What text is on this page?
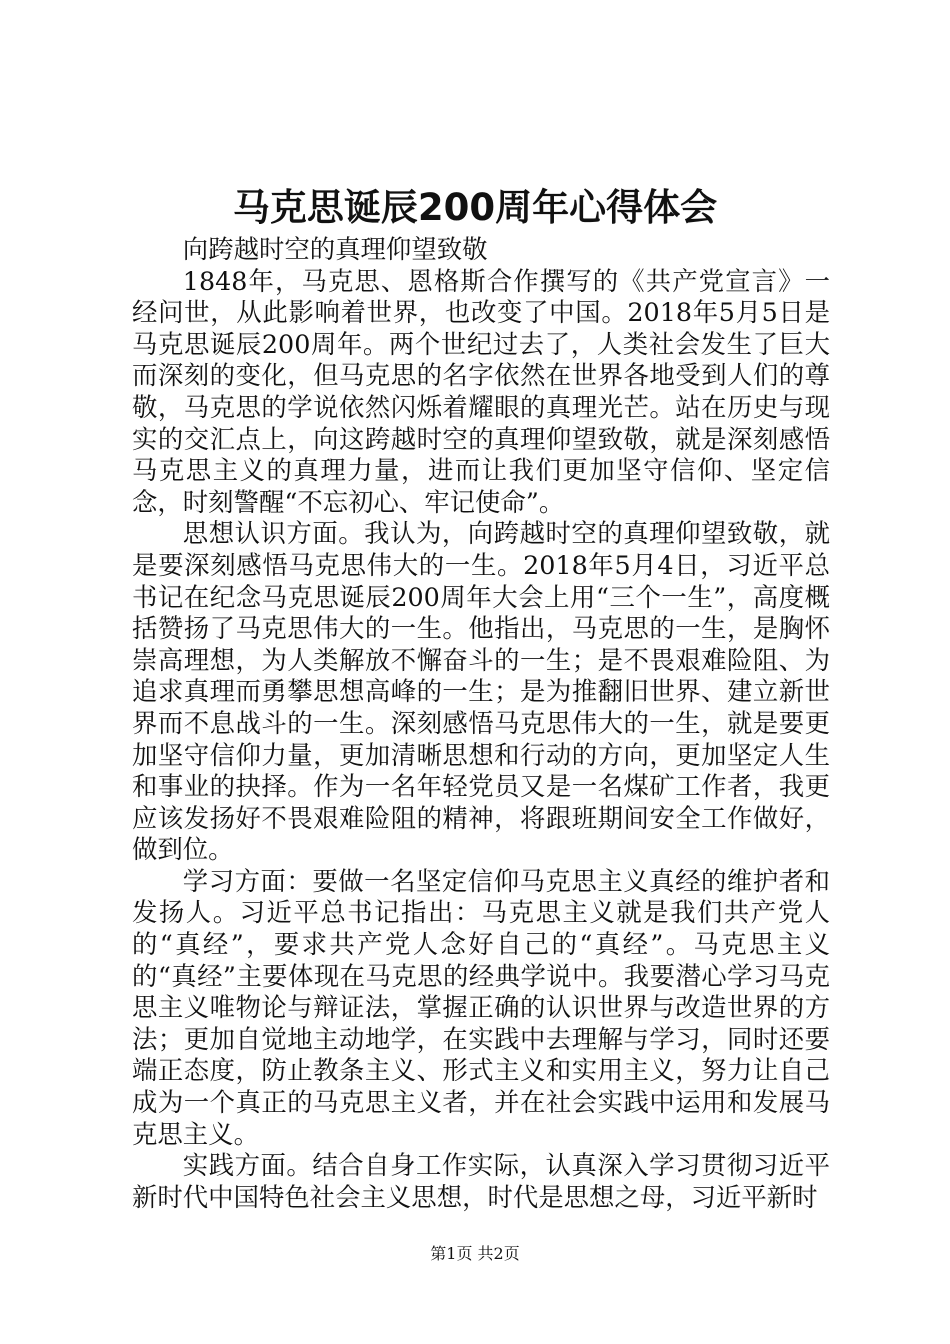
马克思诞辰200周年心得体会

向跨越时空的真理仰望致敬

1848年，马克思、恩格斯合作撰写的《共产党宣言》一经问世，从此影响着世界，也改变了中国。2018年5月5日是马克思诞辰200周年。两个世纪过去了，人类社会发生了巨大而深刻的变化，但马克思的名字依然在世界各地受到人们的尊敬，马克思的学说依然闪烁着耀眼的真理光芒。站在历史与现实的交汇点上，向这跨越时空的真理仰望致敬，就是深刻感悟马克思主义的真理力量，进而让我们更加坚守信仰、坚定信念，时刻警醒“不忘初心、牢记使命”。

思想认识方面。我认为，向跨越时空的真理仰望致敬，就是要深刻感悟马克思伟大的一生。2018年5月4日，习近平总书记在纪念马克思诞辰200周年大会上用“三个一生”，高度概括赞扬了马克思伟大的一生。他指出，马克思的一生，是胸怀崇高理想，为人类解放不懈奋斗的一生；是不畏艰难险阻、为追求真理而勇攀思想高峰的一生；是为推翻旧世界、建立新世界而不息战斗的一生。深刻感悟马克思伟大的一生，就是要更加坚守信仰力量，更加清晰思想和行动的方向，更加坚定人生和事业的抉择。作为一名年轻党员又是一名煤矿工作者，我更应该发扬好不畏艰难险阻的精神，将跟班期间安全工作做好，做到位。

学习方面：要做一名坚定信仰马克思主义真经的维护者和发扬人。习近平总书记指出：马克思主义就是我们共产党人的“真经”，要求共产党人念好自己的“真经”。马克思主义的“真经”主要体现在马克思的经典学说中。我要潜心学习马克思主义唯物论与辩证法，掌握正确的认识世界与改造世界的方法；更加自觉地主动地学，在实践中去理解与学习，同时还要端正态度，防止教条主义、形式主义和实用主义，努力让自己成为一个真正的马克思主义者，并在社会实践中运用和发展马克思主义。

实践方面。结合自身工作实际，认真深入学习贯彻习近平新时代中国特色社会主义思想，时代是思想之母，习近平新时

第1页 共2页
